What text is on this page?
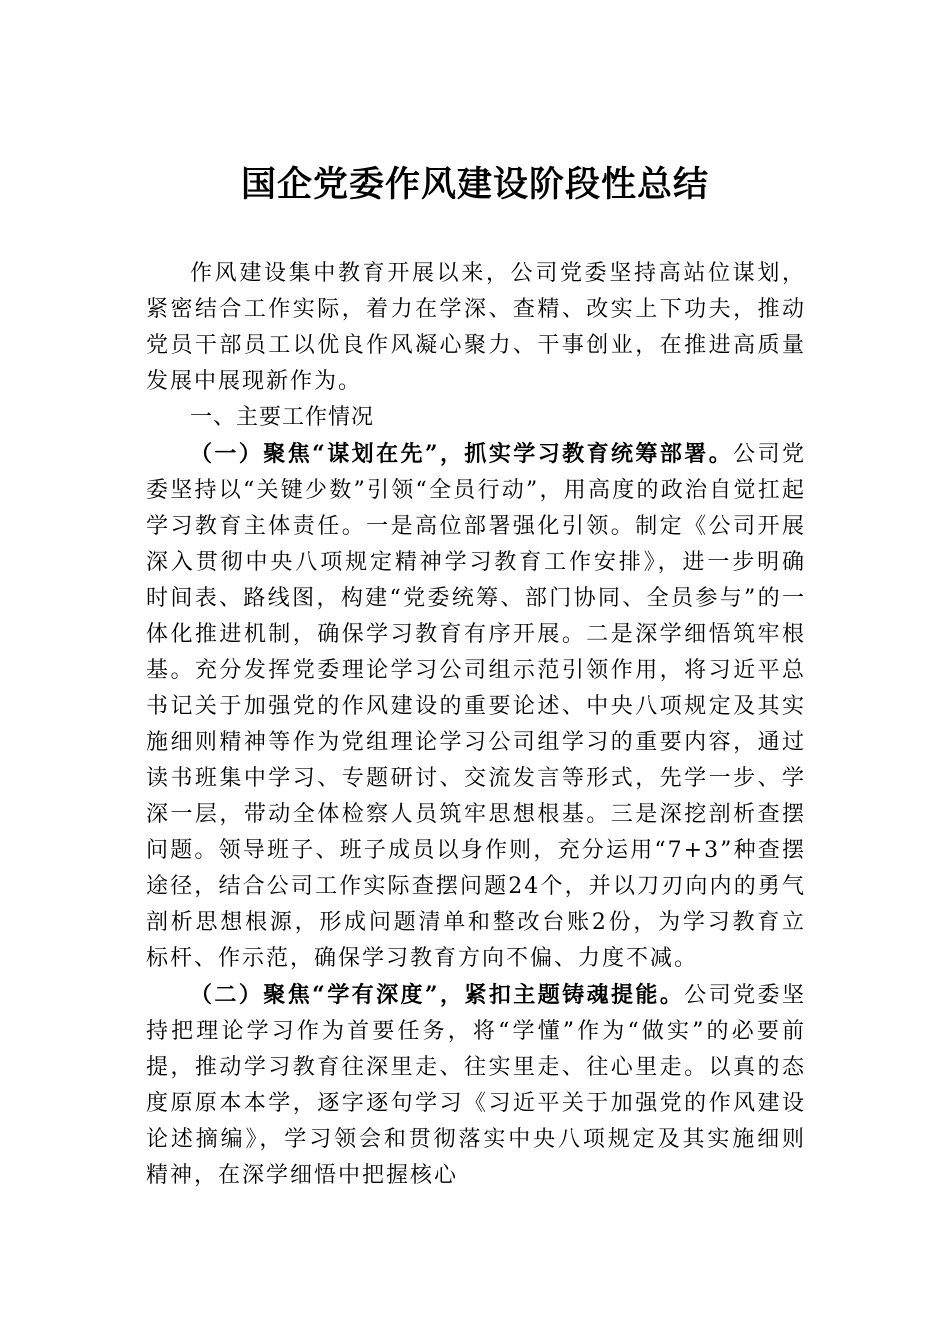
国企党委作风建设阶段性总结

作风建设集中教育开展以来，公司党委坚持高站位谋划，紧密结合工作实际，着力在学深、查精、改实上下功夫，推动党员干部员工以优良作风凝心聚力、干事创业，在推进高质量发展中展现新作为。

一、主要工作情况

（一）聚焦“谋划在先”，抓实学习教育统筹部署。公司党委坚持以“关键少数”引领“全员行动”，用高度的政治自觉扛起学习教育主体责任。一是高位部署强化引领。制定《公司开展深入贯彻中央八项规定精神学习教育工作安排》，进一步明确时间表、路线图，构建“党委统筹、部门协同、全员参与”的一体化推进机制，确保学习教育有序开展。二是深学细悟筑牢根基。充分发挥党委理论学习公司组示范引领作用，将习近平总书记关于加强党的作风建设的重要论述、中央八项规定及其实施细则精神等作为党组理论学习公司组学习的重要内容，通过读书班集中学习、专题研讨、交流发言等形式，先学一步、学深一层，带动全体检察人员筑牢思想根基。三是深挖剖析查摆问题。领导班子、班子成员以身作则，充分运用“7+3”种查摆途径，结合公司工作实际查摆问题24个，并以刀刃向内的勇气剖析思想根源，形成问题清单和整改台账2份，为学习教育立标杆、作示范，确保学习教育方向不偏、力度不减。

（二）聚焦“学有深度”，紧扣主题铸魂提能。公司党委坚持把理论学习作为首要任务，将“学懂”作为“做实”的必要前提，推动学习教育往深里走、往实里走、往心里走。以真的态度原原本本学，逐字逐句学习《习近平关于加强党的作风建设论述摘编》，学习领会和贯彻落实中央八项规定及其实施细则精神，在深学细悟中把握核心
